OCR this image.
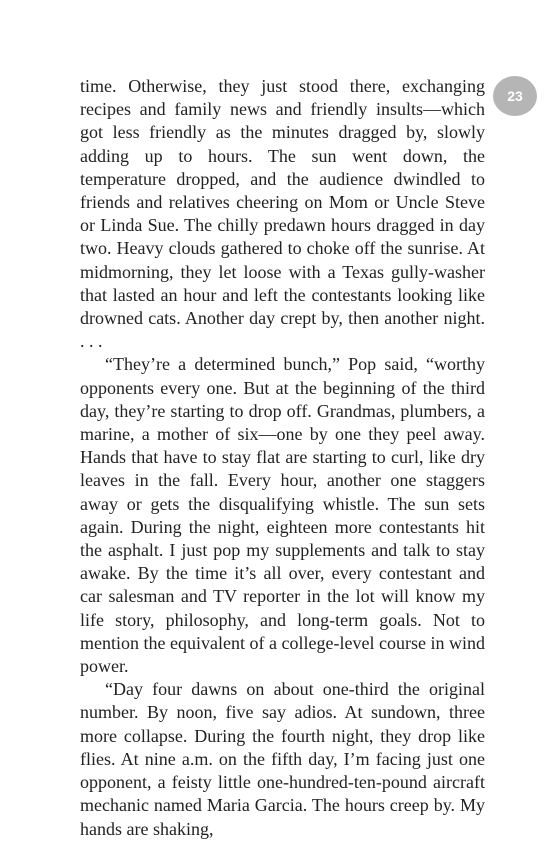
23

time. Otherwise, they just stood there, exchanging recipes and family news and friendly insults—which got less friendly as the minutes dragged by, slowly adding up to hours. The sun went down, the temperature dropped, and the audience dwindled to friends and relatives cheering on Mom or Uncle Steve or Linda Sue. The chilly predawn hours dragged in day two. Heavy clouds gathered to choke off the sunrise. At midmorning, they let loose with a Texas gully-washer that lasted an hour and left the contestants looking like drowned cats. Another day crept by, then another night. . . .

“They’re a determined bunch,” Pop said, “worthy opponents every one. But at the beginning of the third day, they’re starting to drop off. Grandmas, plumbers, a marine, a mother of six—one by one they peel away. Hands that have to stay flat are starting to curl, like dry leaves in the fall. Every hour, another one staggers away or gets the disqualifying whistle. The sun sets again. During the night, eighteen more contestants hit the asphalt. I just pop my supplements and talk to stay awake. By the time it’s all over, every contestant and car salesman and TV reporter in the lot will know my life story, philosophy, and long-term goals. Not to mention the equivalent of a college-level course in wind power.

“Day four dawns on about one-third the original number. By noon, five say adios. At sundown, three more collapse. During the fourth night, they drop like flies. At nine a.m. on the fifth day, I’m facing just one opponent, a feisty little one-hundred-ten-pound aircraft mechanic named Maria Garcia. The hours creep by. My hands are shaking,
